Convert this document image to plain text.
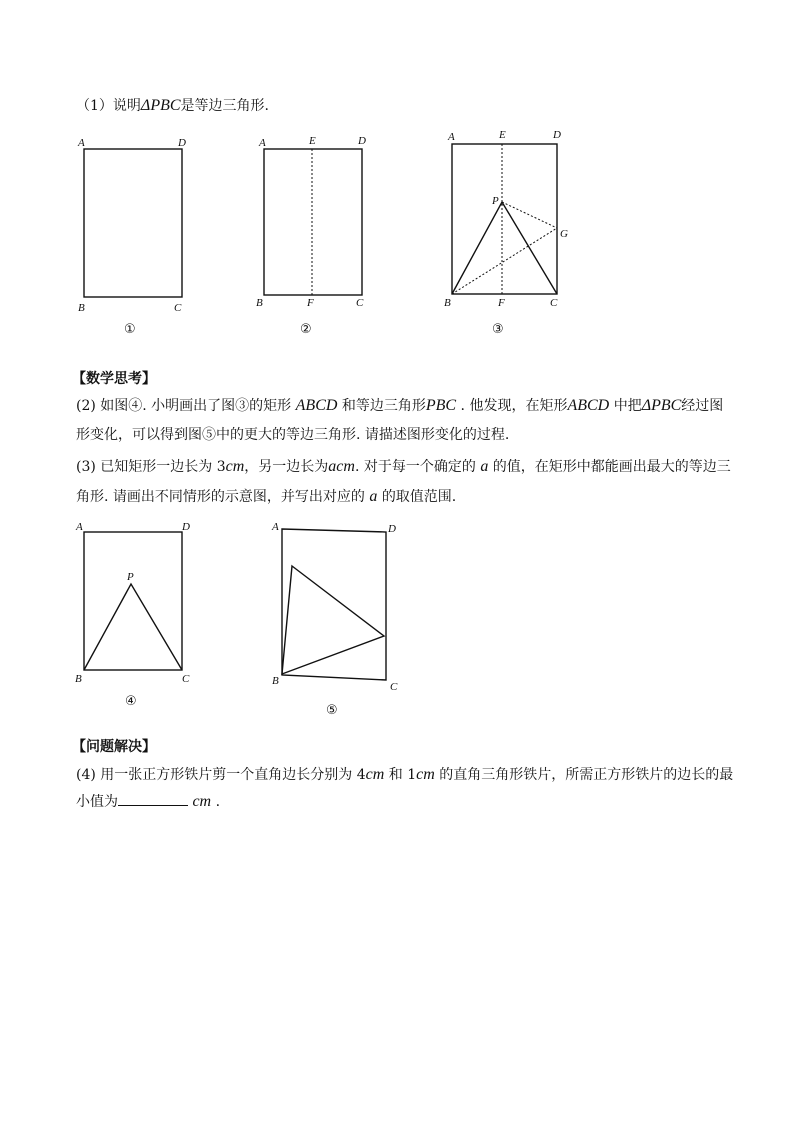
（1）说明ΔPBC是等边三角形.
A	D
B	C
①
A	E	D
B	F	C
②
A	E	D
P
G
B	F	C
③
【数学思考】
(2) 如图④. 小明画出了图③的矩形 ABCD 和等边三角形PBC . 他发现，在矩形ABCD 中把ΔPBC经过图
形变化，可以得到图⑤中的更大的等边三角形. 请描述图形变化的过程.
(3) 已知矩形一边长为 3cm，另一边长为acm. 对于每一个确定的 a 的值，在矩形中都能画出最大的等边三
角形. 请画出不同情形的示意图，并写出对应的 a 的取值范围.
A	D
P
B	C
④
A	D
B	C
⑤
【问题解决】
(4) 用一张正方形铁片剪一个直角边长分别为 4cm 和 1cm 的直角三角形铁片，所需正方形铁片的边长的最
小值为	cm .
